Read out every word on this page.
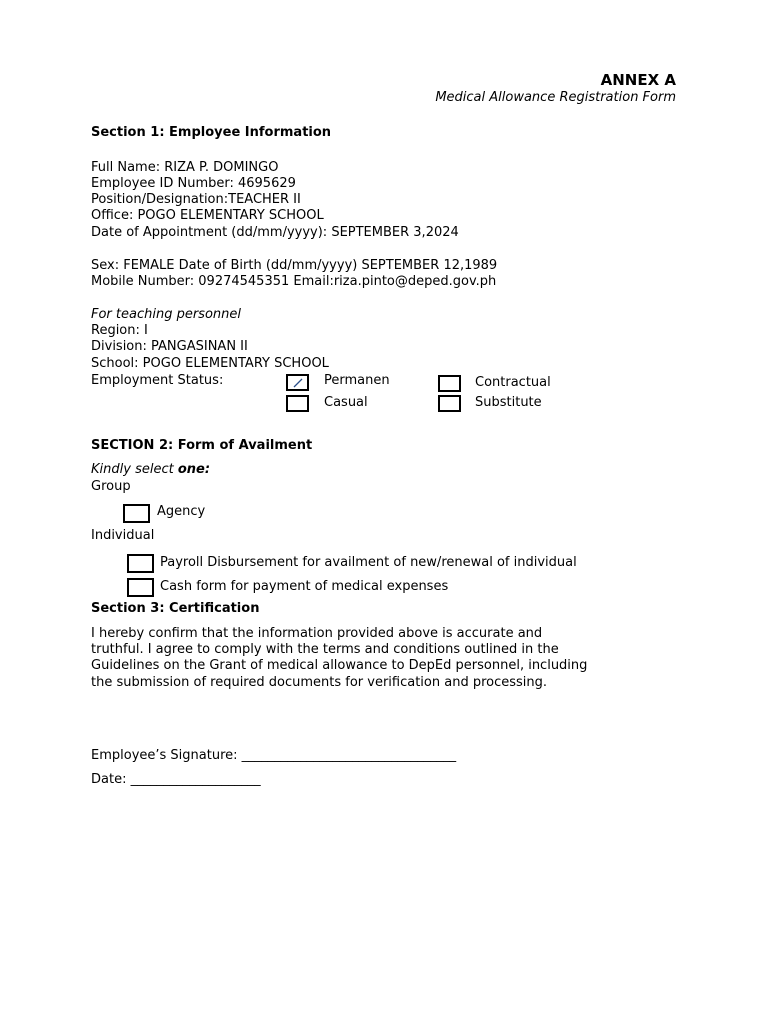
ANNEX A
Medical Allowance Registration Form
Section 1: Employee Information
Full Name: RIZA P. DOMINGO
Employee ID Number: 4695629
Position/Designation:TEACHER II
Office: POGO ELEMENTARY SCHOOL
Date of Appointment (dd/mm/yyyy): SEPTEMBER 3,2024
Sex: FEMALE Date of Birth (dd/mm/yyyy) SEPTEMBER 12,1989
Mobile Number: 09274545351 Email:riza.pinto@deped.gov.ph
For teaching personnel
Region: I
Division: PANGASINAN II
School: POGO ELEMENTARY SCHOOL
Employment Status:	Permanen	Contractual
Casual	Substitute
SECTION 2: Form of Availment
Kindly select one:
Group
Agency
Individual
Payroll Disbursement for availment of new/renewal of individual
Cash form for payment of medical expenses
Section 3: Certification
I hereby confirm that the information provided above is accurate and
truthful. I agree to comply with the terms and conditions outlined in the
Guidelines on the Grant of medical allowance to DepEd personnel, including
the submission of required documents for verification and processing.
Employee’s Signature: _________________________________
Date: ____________________
